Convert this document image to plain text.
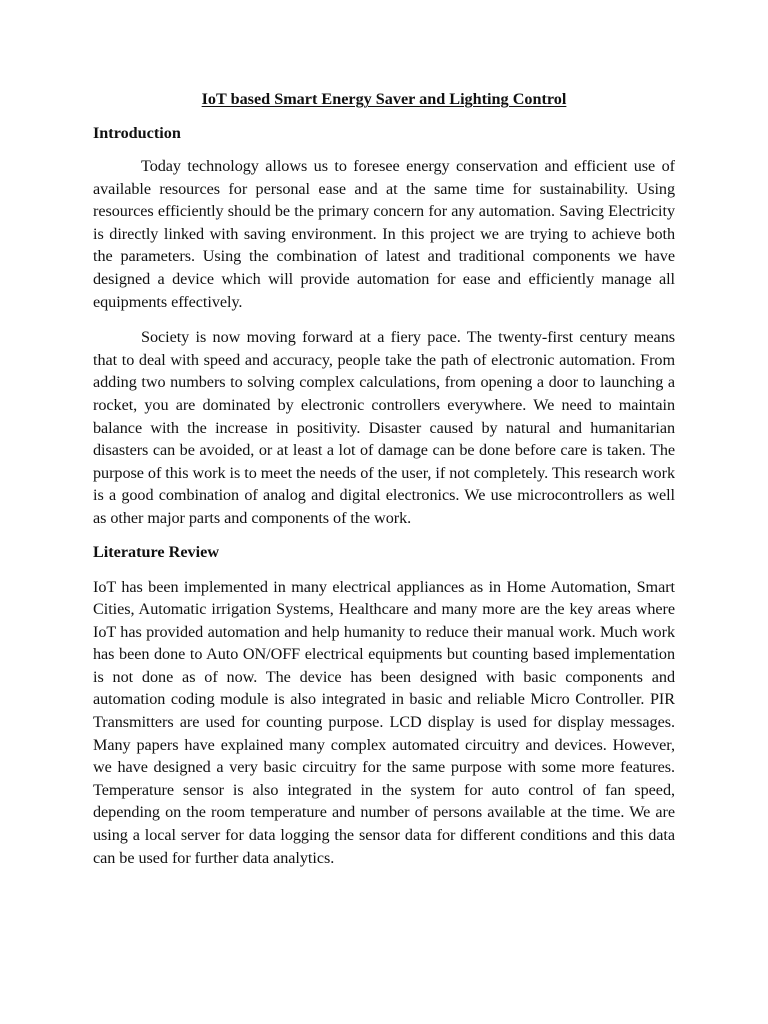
IoT based Smart Energy Saver and Lighting Control
Introduction

Today technology allows us to foresee energy conservation and efficient use of available resources for personal ease and at the same time for sustainability. Using resources efficiently should be the primary concern for any automation. Saving Electricity is directly linked with saving environment. In this project we are trying to achieve both the parameters. Using the combination of latest and traditional components we have designed a device which will provide automation for ease and efficiently manage all equipments effectively.

Society is now moving forward at a fiery pace. The twenty-first century means that to deal with speed and accuracy, people take the path of electronic automation. From adding two numbers to solving complex calculations, from opening a door to launching a rocket, you are dominated by electronic controllers everywhere. We need to maintain balance with the increase in positivity. Disaster caused by natural and humanitarian disasters can be avoided, or at least a lot of damage can be done before care is taken. The purpose of this work is to meet the needs of the user, if not completely. This research work is a good combination of analog and digital electronics. We use microcontrollers as well as other major parts and components of the work.

Literature Review

IoT has been implemented in many electrical appliances as in Home Automation, Smart Cities, Automatic irrigation Systems, Healthcare and many more are the key areas where IoT has provided automation and help humanity to reduce their manual work. Much work has been done to Auto ON/OFF electrical equipments but counting based implementation is not done as of now. The device has been designed with basic components and automation coding module is also integrated in basic and reliable Micro Controller. PIR Transmitters are used for counting purpose. LCD display is used for display messages. Many papers have explained many complex automated circuitry and devices. However, we have designed a very basic circuitry for the same purpose with some more features. Temperature sensor is also integrated in the system for auto control of fan speed, depending on the room temperature and number of persons available at the time. We are using a local server for data logging the sensor data for different conditions and this data can be used for further data analytics.
